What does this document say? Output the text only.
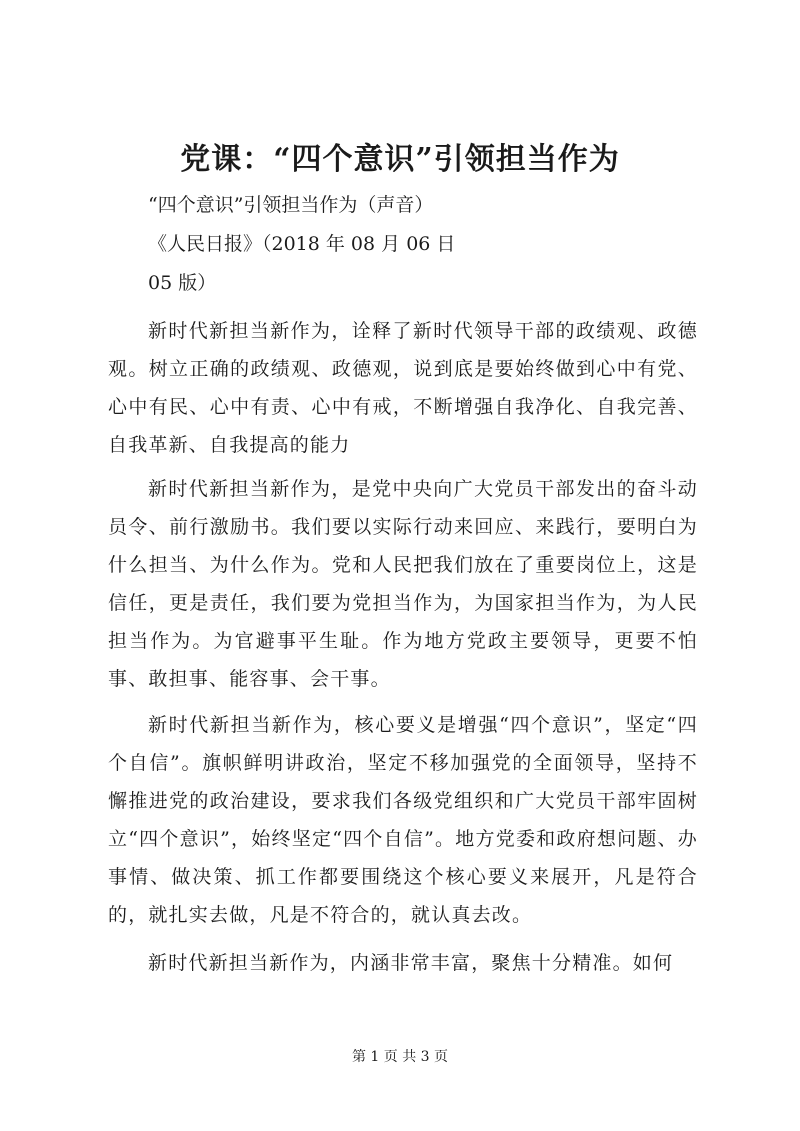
党课：“四个意识”引领担当作为
“四个意识”引领担当作为（声音）
《人民日报》（2018 年 08 月 06 日
05 版）

新时代新担当新作为，诠释了新时代领导干部的政绩观、政德观。树立正确的政绩观、政德观，说到底是要始终做到心中有党、心中有民、心中有责、心中有戒，不断增强自我净化、自我完善、自我革新、自我提高的能力

新时代新担当新作为，是党中央向广大党员干部发出的奋斗动员令、前行激励书。我们要以实际行动来回应、来践行，要明白为什么担当、为什么作为。党和人民把我们放在了重要岗位上，这是信任，更是责任，我们要为党担当作为，为国家担当作为，为人民担当作为。为官避事平生耻。作为地方党政主要领导，更要不怕事、敢担事、能容事、会干事。

新时代新担当新作为，核心要义是增强“四个意识”，坚定“四个自信”。旗帜鲜明讲政治，坚定不移加强党的全面领导，坚持不懈推进党的政治建设，要求我们各级党组织和广大党员干部牢固树立“四个意识”，始终坚定“四个自信”。地方党委和政府想问题、办事情、做决策、抓工作都要围绕这个核心要义来展开，凡是符合的，就扎实去做，凡是不符合的，就认真去改。

新时代新担当新作为，内涵非常丰富，聚焦十分精准。如何

第 1 页 共 3 页
